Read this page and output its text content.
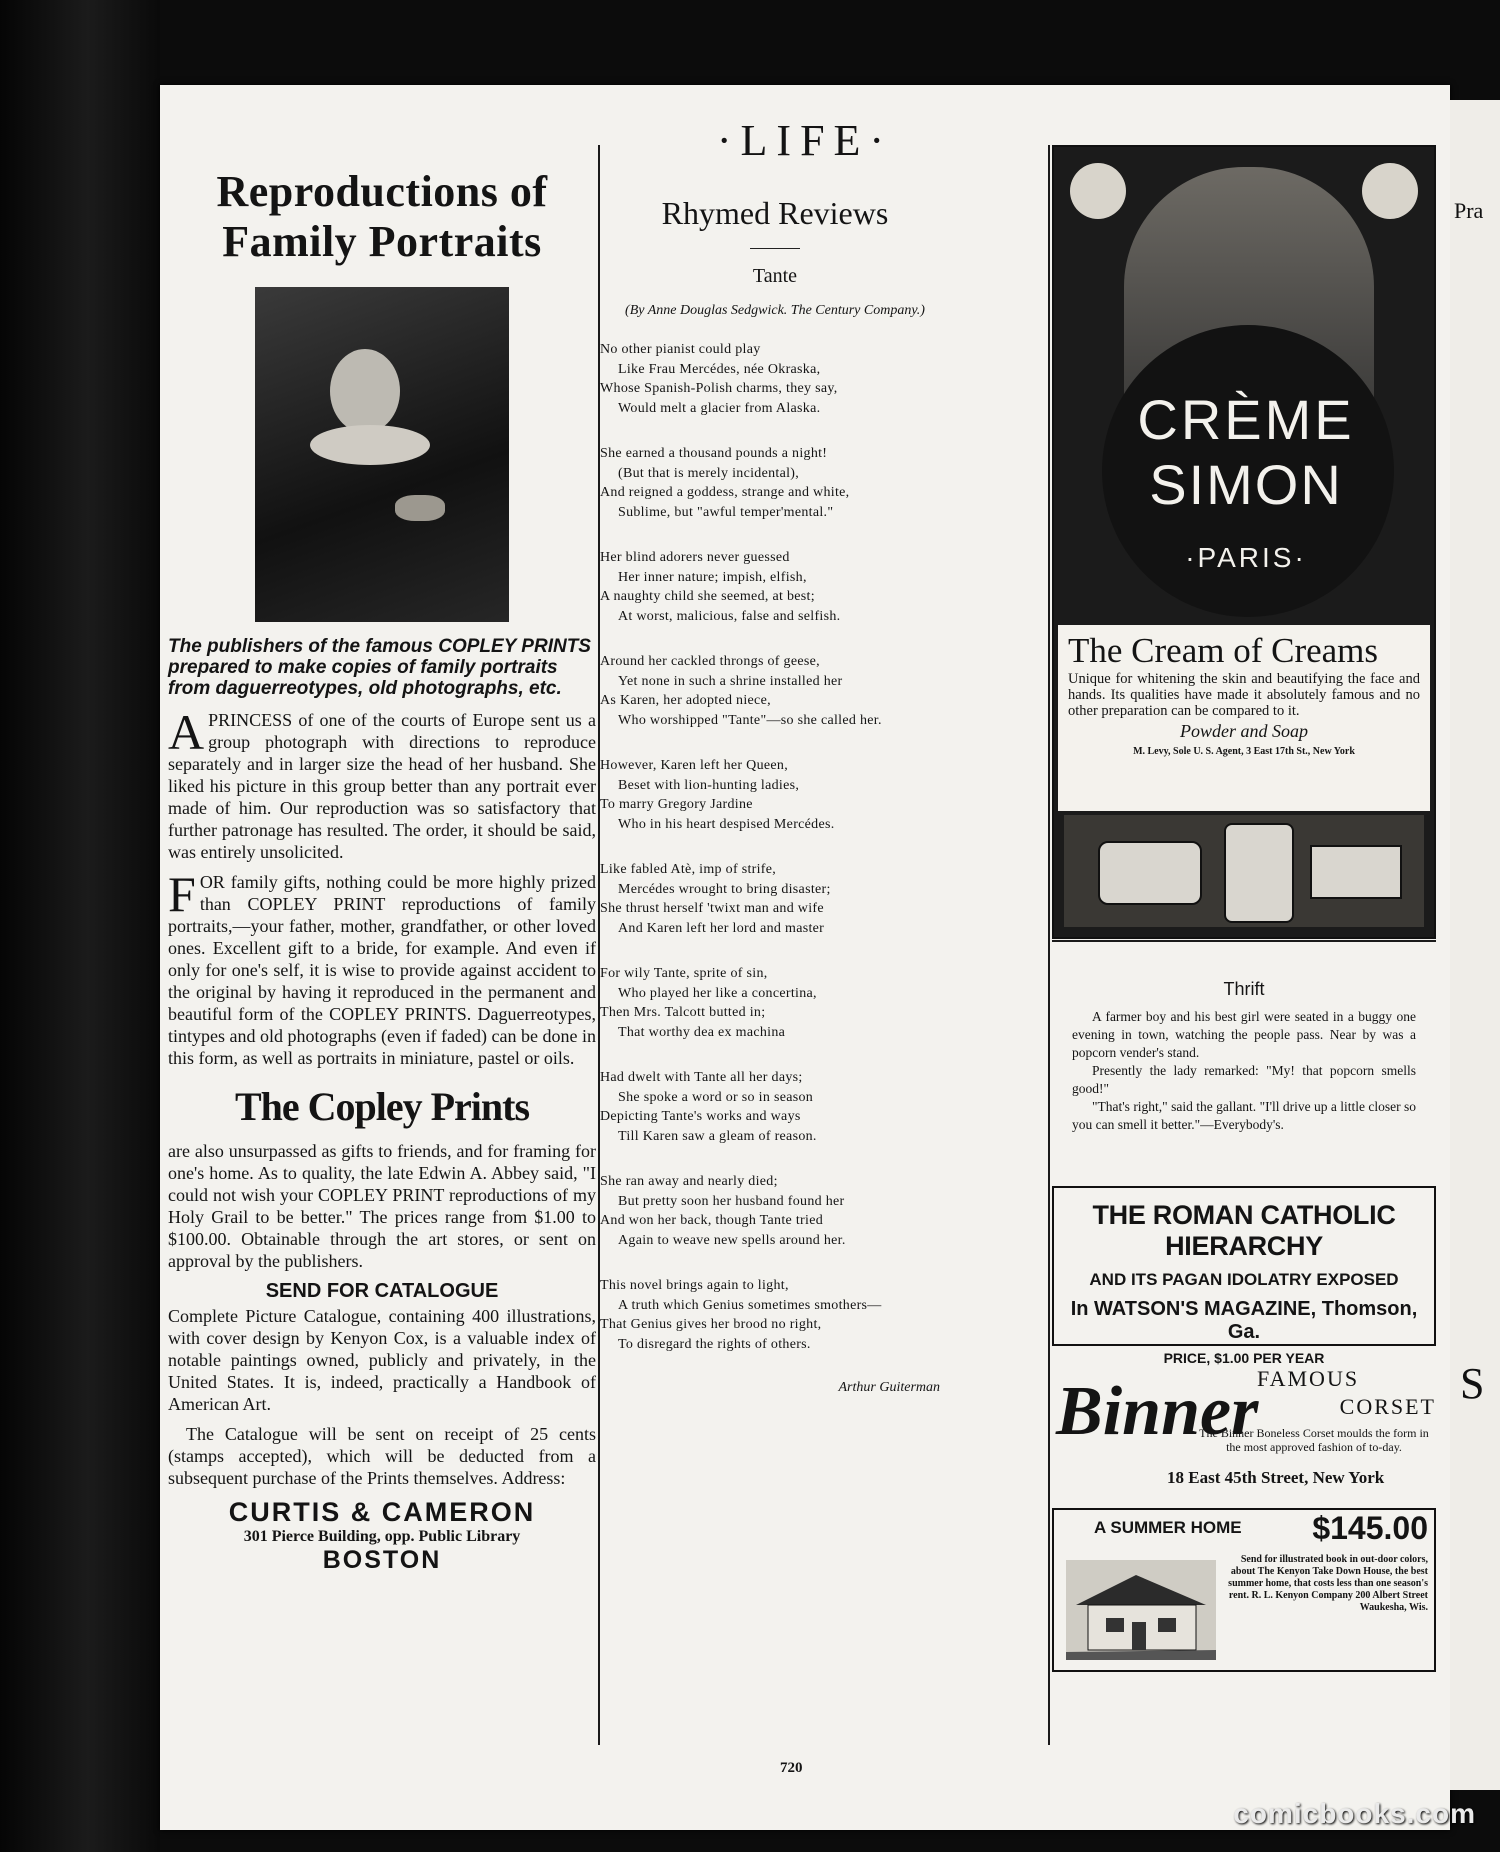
·LIFE·
Reproductions of
Family Portraits
The publishers of the famous COPLEY PRINTS prepared to make copies of family portraits from daguerreotypes, old photographs, etc.

APRINCESS of one of the courts of Europe sent us a group photograph with directions to reproduce separately and in larger size the head of her husband. She liked his picture in this group better than any portrait ever made of him. Our reproduction was so satisfactory that further patronage has resulted. The order, it should be said, was entirely unsolicited.

FOR family gifts, nothing could be more highly prized than COPLEY PRINT reproductions of family portraits,—your father, mother, grandfather, or other loved ones. Excellent gift to a bride, for example. And even if only for one's self, it is wise to provide against accident to the original by having it reproduced in the permanent and beautiful form of the COPLEY PRINTS. Daguerreotypes, tintypes and old photographs (even if faded) can be done in this form, as well as portraits in miniature, pastel or oils.

The Copley Prints

are also unsurpassed as gifts to friends, and for framing for one's home. As to quality, the late Edwin A. Abbey said, "I could not wish your COPLEY PRINT reproductions of my Holy Grail to be better." The prices range from $1.00 to $100.00. Obtainable through the art stores, or sent on approval by the publishers.

SEND FOR CATALOGUE

Complete Picture Catalogue, containing 400 illustrations, with cover design by Kenyon Cox, is a valuable index of notable paintings owned, publicly and privately, in the United States. It is, indeed, practically a Handbook of American Art.

The Catalogue will be sent on receipt of 25 cents (stamps accepted), which will be deducted from a subsequent purchase of the Prints themselves. Address:

CURTIS & CAMERON
301 Pierce Building, opp. Public Library
BOSTON
Rhymed Reviews
Tante
(By Anne Douglas Sedgwick. The Century Company.)
No other pianist could play
Like Frau Mercédes, née Okraska,
Whose Spanish-Polish charms, they say,
Would melt a glacier from Alaska.
She earned a thousand pounds a night!
(But that is merely incidental),
And reigned a goddess, strange and white,
Sublime, but "awful temper'mental."
Her blind adorers never guessed
Her inner nature; impish, elfish,
A naughty child she seemed, at best;
At worst, malicious, false and selfish.
Around her cackled throngs of geese,
Yet none in such a shrine installed her
As Karen, her adopted niece,
Who worshipped "Tante"—so she called her.
However, Karen left her Queen,
Beset with lion-hunting ladies,
To marry Gregory Jardine
Who in his heart despised Mercédes.
Like fabled Atè, imp of strife,
Mercédes wrought to bring disaster;
She thrust herself 'twixt man and wife
And Karen left her lord and master
For wily Tante, sprite of sin,
Who played her like a concertina,
Then Mrs. Talcott butted in;
That worthy dea ex machina
Had dwelt with Tante all her days;
She spoke a word or so in season
Depicting Tante's works and ways
Till Karen saw a gleam of reason.
She ran away and nearly died;
But pretty soon her husband found her
And won her back, though Tante tried
Again to weave new spells around her.
This novel brings again to light,
A truth which Genius sometimes smothers—
That Genius gives her brood no right,
To disregard the rights of others.
Arthur Guiterman
CRÈME
SIMON
·PARIS·
The Cream of Creams
Unique for whitening the skin and beautifying the face and hands. Its qualities have made it absolutely famous and no other preparation can be compared to it.
Powder and Soap
M. Levy, Sole U. S. Agent, 3 East 17th St., New York
Thrift

A farmer boy and his best girl were seated in a buggy one evening in town, watching the people pass. Near by was a popcorn vender's stand.

Presently the lady remarked: "My! that popcorn smells good!"

"That's right," said the gallant. "I'll drive up a little closer so you can smell it better."—Everybody's.

THE ROMAN CATHOLIC HIERARCHY
AND ITS PAGAN IDOLATRY EXPOSED
In WATSON'S MAGAZINE, Thomson, Ga.
PRICE, $1.00 PER YEAR
Binner
FAMOUS
CORSET
The Binner Boneless Corset moulds the form in the most approved fashion of to-day.
18 East 45th Street, New York
A SUMMER HOME $145.00
Send for illustrated book in out-door colors, about The Kenyon Take Down House, the best summer home, that costs less than one season's rent. R. L. Kenyon Company 200 Albert Street Waukesha, Wis.
720
Pra
S
comicbooks.com
